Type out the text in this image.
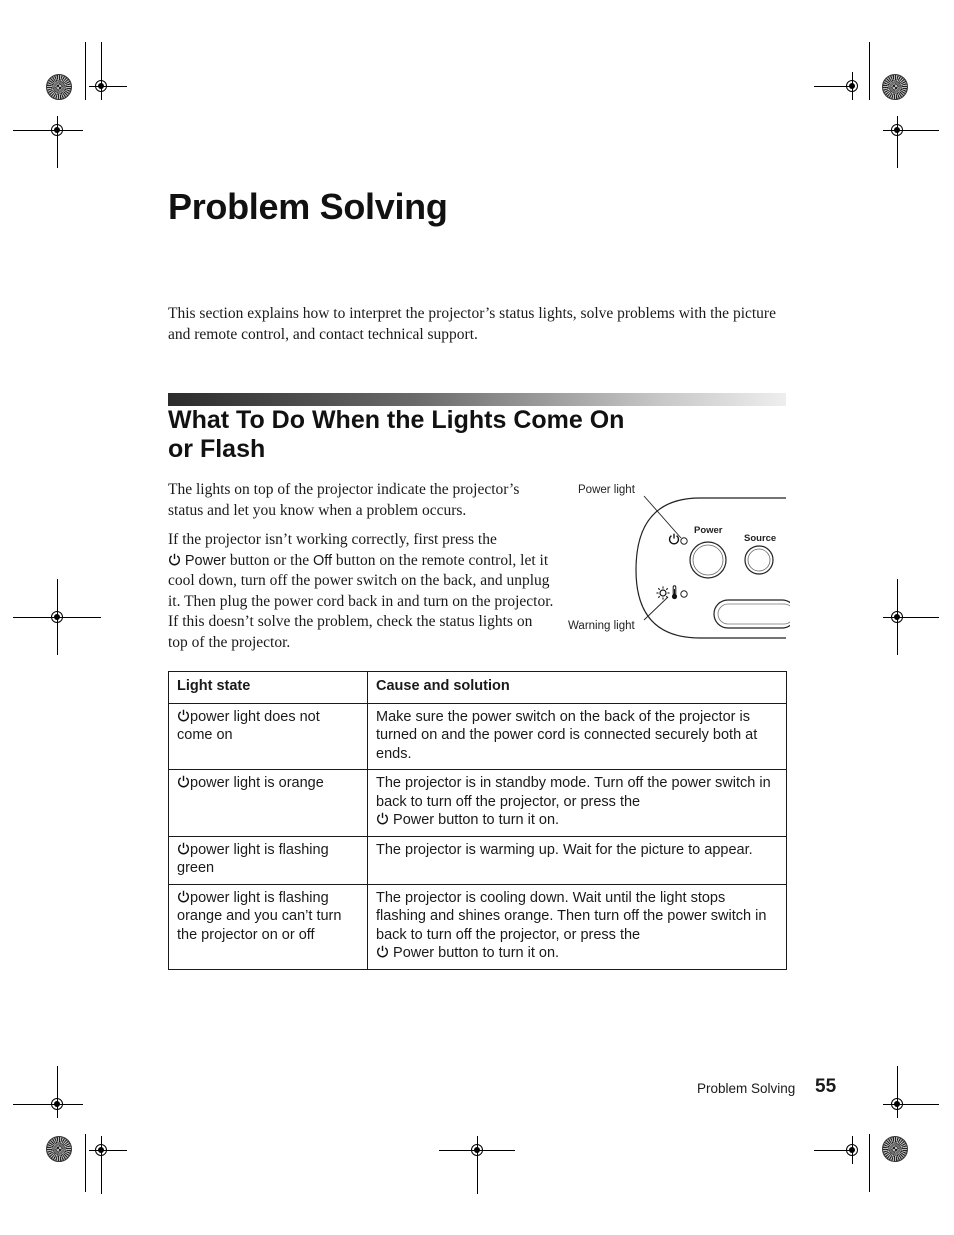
Problem Solving

This section explains how to interpret the projector’s status lights, solve problems with the picture and remote control, and contact technical support.

What To Do When the Lights Come On
or Flash

The lights on top of the projector indicate the projector’s status and let you know when a problem occurs.

If the projector isn’t working correctly, first press the
Power button or the Off button on the remote control, let it cool down, turn off the power switch on the back, and unplug it. Then plug the power cord back in and turn on the projector. If this doesn’t solve the problem, check the status lights on top of the projector.

Power light
Warning light
Power
Source
Light state	Cause and solution
power light does not come on	Make sure the power switch on the back of the projector is turned on and the power cord is connected securely both at ends.
power light is orange	The projector is in standby mode. Turn off the power switch in back to turn off the projector, or press the
Power button to turn it on.
power light is flashing green	The projector is warming up. Wait for the picture to appear.
power light is flashing orange and you can’t turn the projector on or off	The projector is cooling down. Wait until the light stops flashing and shines orange. Then turn off the power switch in back to turn off the projector, or press the
Power button to turn it on.
Problem Solving 55
